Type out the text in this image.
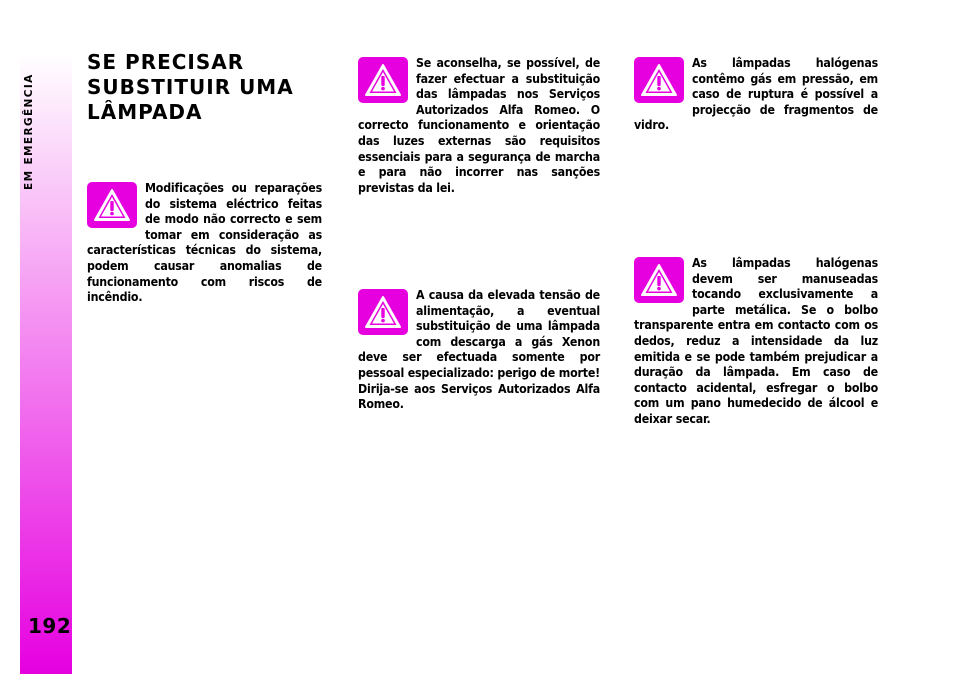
EM EMERGÊNCIA
192
SE PRECISAR
SUBSTITUIR UMA
LÂMPADA
Modificações ou reparações do sistema eléctrico feitas de modo não correcto e sem tomar em consideração as características técnicas do sistema, podem causar anomalias de funcionamento com riscos de incêndio.
Se aconselha, se possível, de fazer efectuar a substituição das lâmpadas nos Serviços Autorizados Alfa Romeo. O correcto funcionamento e orientação das luzes externas são requisitos essenciais para a segurança de marcha e para não incorrer nas sanções previstas da lei.
A causa da elevada tensão de alimentação, a eventual substituição de uma lâmpada com descarga a gás Xenon deve ser efectuada somente por pessoal especializado: perigo de morte! Dirija-se aos Serviços Autorizados Alfa Romeo.
As lâmpadas halógenas contêmo gás em pressão, em caso de ruptura é possível a projecção de fragmentos de vidro.
As lâmpadas halógenas devem ser manuseadas tocando exclusivamente a parte metálica. Se o bolbo transparente entra em contacto com os dedos, reduz a intensidade da luz emitida e se pode também prejudicar a duração da lâmpada. Em caso de contacto acidental, esfregar o bolbo com um pano humedecido de álcool e deixar secar.
